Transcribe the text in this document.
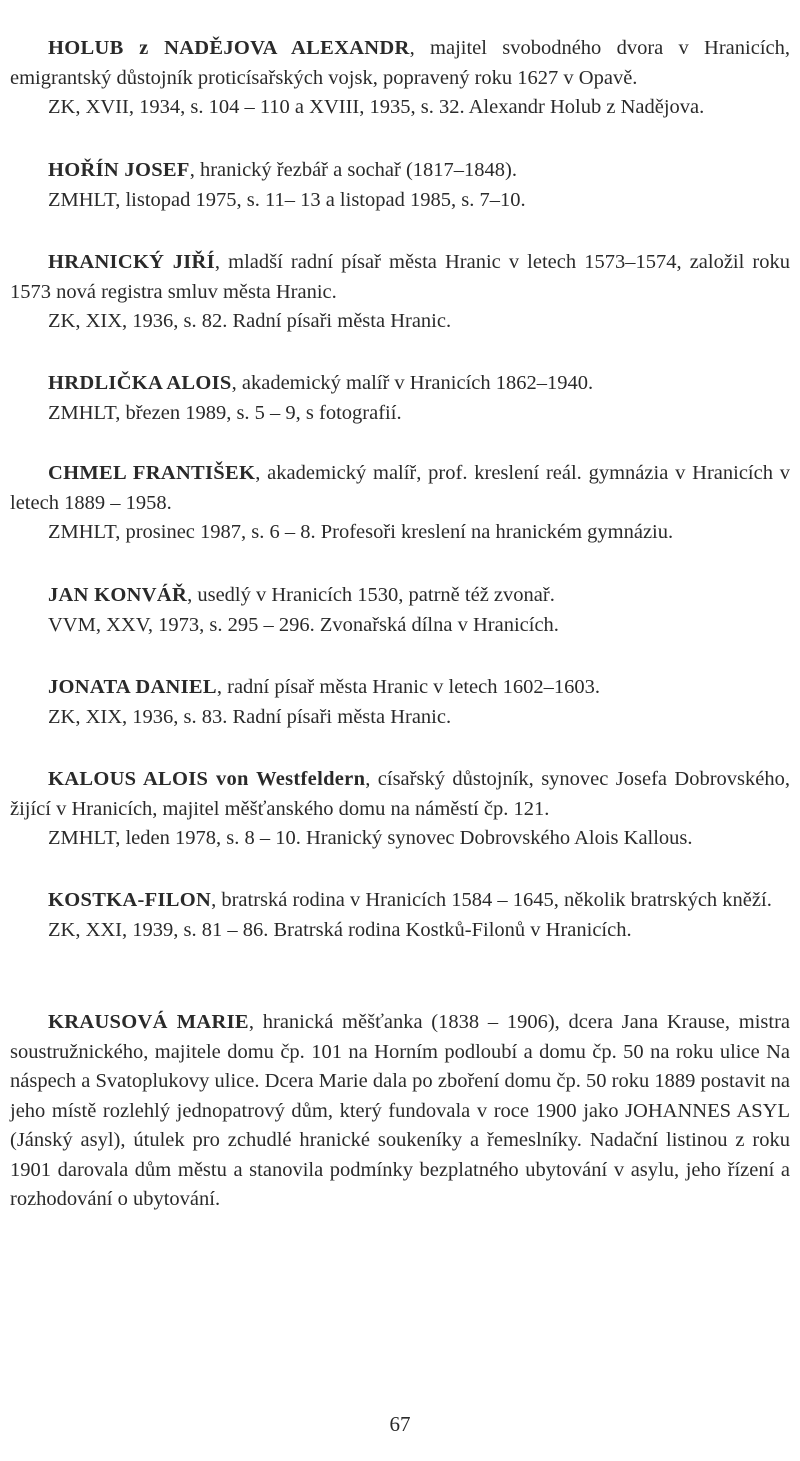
HOLUB z NADĚJOVA ALEXANDR, majitel svobodného dvora v Hranicích, emigrantský důstojník proticísařských vojsk, popravený roku 1627 v Opavě.

ZK, XVII, 1934, s. 104 – 110 a XVIII, 1935, s. 32. Alexandr Holub z Nadějova.

HOŘÍN JOSEF, hranický řezbář a sochař (1817–1848).

ZMHLT, listopad 1975, s. 11– 13 a listopad 1985, s. 7–10.

HRANICKÝ JIŘÍ, mladší radní písař města Hranic v letech 1573–1574, založil roku 1573 nová registra smluv města Hranic.

ZK, XIX, 1936, s. 82. Radní písaři města Hranic.

HRDLIČKA ALOIS, akademický malíř v Hranicích 1862–1940.

ZMHLT, březen 1989, s. 5 – 9, s fotografií.

CHMEL FRANTIŠEK, akademický malíř, prof. kreslení reál. gymnázia v Hranicích v letech 1889 – 1958.

ZMHLT, prosinec 1987, s. 6 – 8. Profesoři kreslení na hranickém gymnáziu.

JAN KONVÁŘ, usedlý v Hranicích 1530, patrně též zvonař.

VVM, XXV, 1973, s. 295 – 296. Zvonařská dílna v Hranicích.

JONATA DANIEL, radní písař města Hranic v letech 1602–1603.

ZK, XIX, 1936, s. 83. Radní písaři města Hranic.

KALOUS ALOIS von Westfeldern, císařský důstojník, synovec Josefa Dobrovského, žijící v Hranicích, majitel měšťanského domu na náměstí čp. 121.

ZMHLT, leden 1978, s. 8 – 10. Hranický synovec Dobrovského Alois Kallous.

KOSTKA-FILON, bratrská rodina v Hranicích 1584 – 1645, několik bratrských kněží.

ZK, XXI, 1939, s. 81 – 86. Bratrská rodina Kostků-Filonů v Hranicích.

KRAUSOVÁ MARIE, hranická měšťanka (1838 – 1906), dcera Jana Krause, mistra soustružnického, majitele domu čp. 101 na Horním podloubí a domu čp. 50 na roku ulice Na náspech a Svatoplukovy ulice. Dcera Marie dala po zboření domu čp. 50 roku 1889 postavit na jeho místě rozlehlý jednopatrový dům, který fundovala v roce 1900 jako JOHANNES ASYL (Jánský asyl), útulek pro zchudlé hranické soukeníky a řemeslníky. Nadační listinou z roku 1901 darovala dům městu a stanovila podmínky bezplatného ubytování v asylu, jeho řízení a rozhodování o ubytování.

67
